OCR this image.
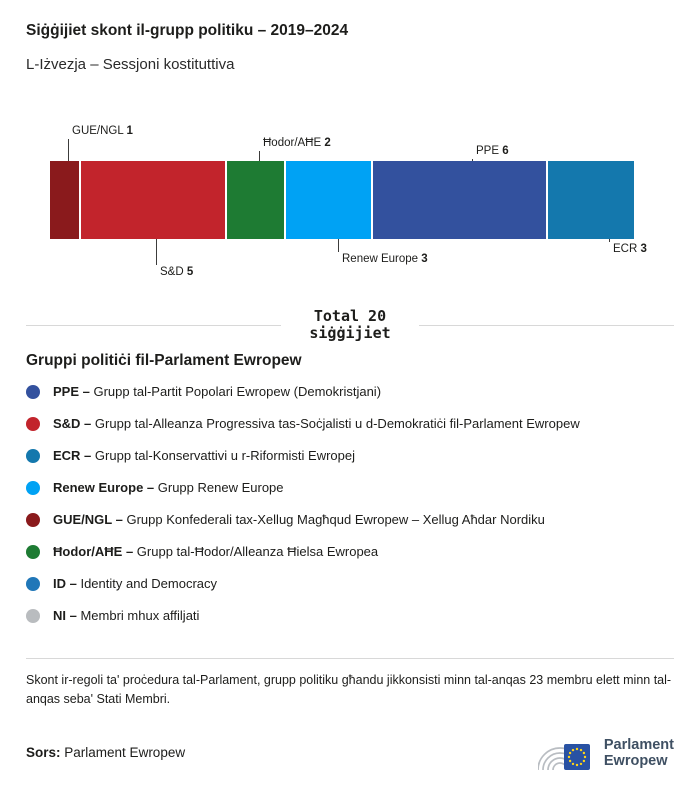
Siġġijiet skont il-grupp politiku – 2019–2024
L-Iżvezja – Sessjoni kostituttiva
GUE/NGL 1
Ħodor/AĦE 2
PPE 6
S&D 5
Renew Europe 3
ECR 3
Total 20
siġġijiet
Gruppi politiċi fil-Parlament Ewropew
PPE – Grupp tal-Partit Popolari Ewropew (Demokristjani)
S&D – Grupp tal-Alleanza Progressiva tas-Soċjalisti u d-Demokratiċi fil-Parlament Ewropew
ECR – Grupp tal-Konservattivi u r-Riformisti Ewropej
Renew Europe – Grupp Renew Europe
GUE/NGL – Grupp Konfederali tax-Xellug Magħqud Ewropew – Xellug Aħdar Nordiku
Ħodor/AĦE – Grupp tal-Ħodor/Alleanza Ħielsa Ewropea
ID – Identity and Democracy
NI – Membri mhux affiljati
Skont ir-regoli ta' proċedura tal-Parlament, grupp politiku għandu jikkonsisti minn tal-anqas 23 membru elett minn tal-anqas seba' Stati Membri.
Sors: Parlament Ewropew
Parlament
Ewropew
